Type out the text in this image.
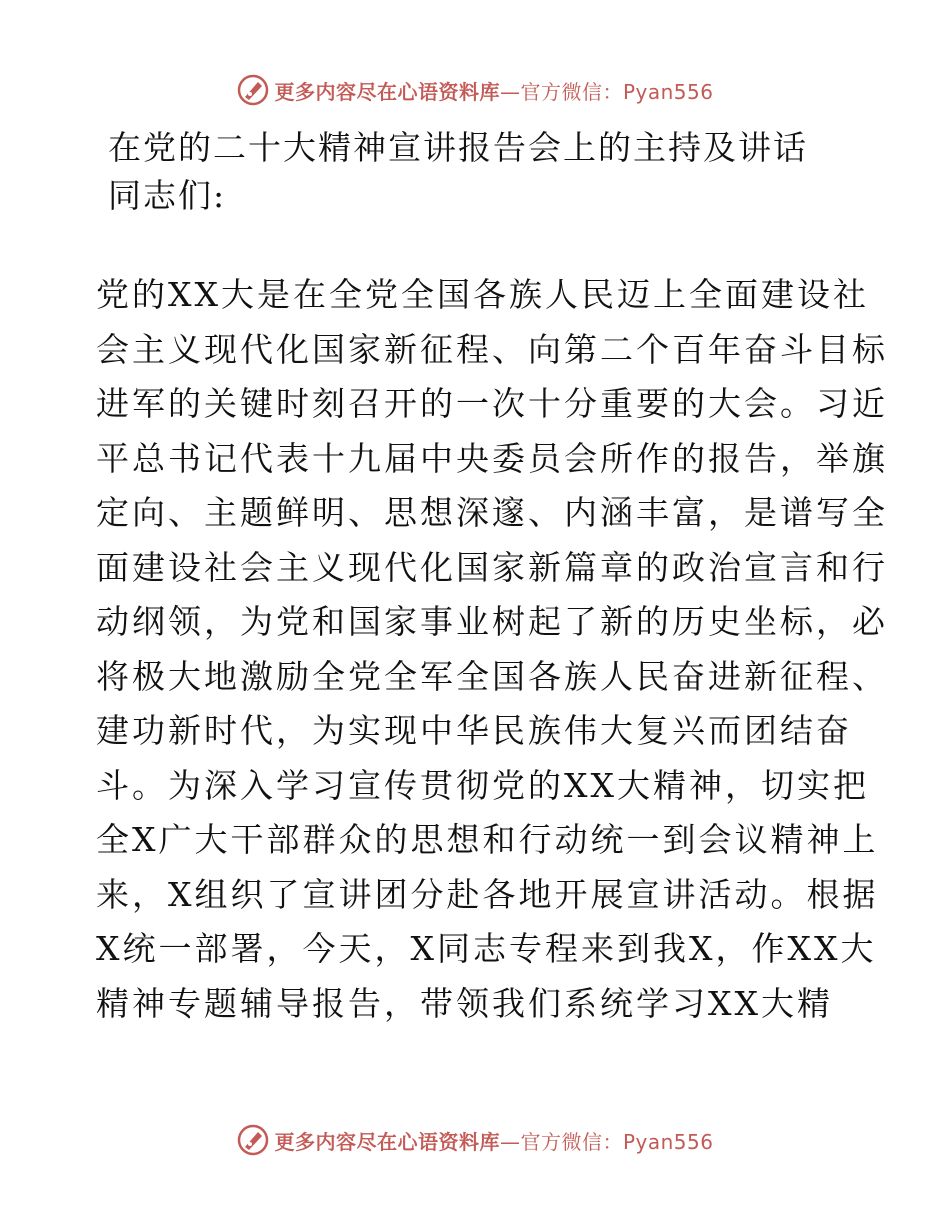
更多内容尽在心语资料库—官方微信：Pyan556
在党的二十大精神宣讲报告会上的主持及讲话
同志们:
党的XX大是在全党全国各族人民迈上全面建设社
会主义现代化国家新征程、向第二个百年奋斗目标
进军的关键时刻召开的一次十分重要的大会。习近
平总书记代表十九届中央委员会所作的报告，举旗
定向、主题鲜明、思想深邃、内涵丰富，是谱写全
面建设社会主义现代化国家新篇章的政治宣言和行
动纲领，为党和国家事业树起了新的历史坐标，必
将极大地激励全党全军全国各族人民奋进新征程、
建功新时代，为实现中华民族伟大复兴而团结奋
斗。为深入学习宣传贯彻党的XX大精神，切实把
全X广大干部群众的思想和行动统一到会议精神上
来，X组织了宣讲团分赴各地开展宣讲活动。根据
X统一部署，今天，X同志专程来到我X，作XX大
精神专题辅导报告，带领我们系统学习XX大精
更多内容尽在心语资料库—官方微信：Pyan556
